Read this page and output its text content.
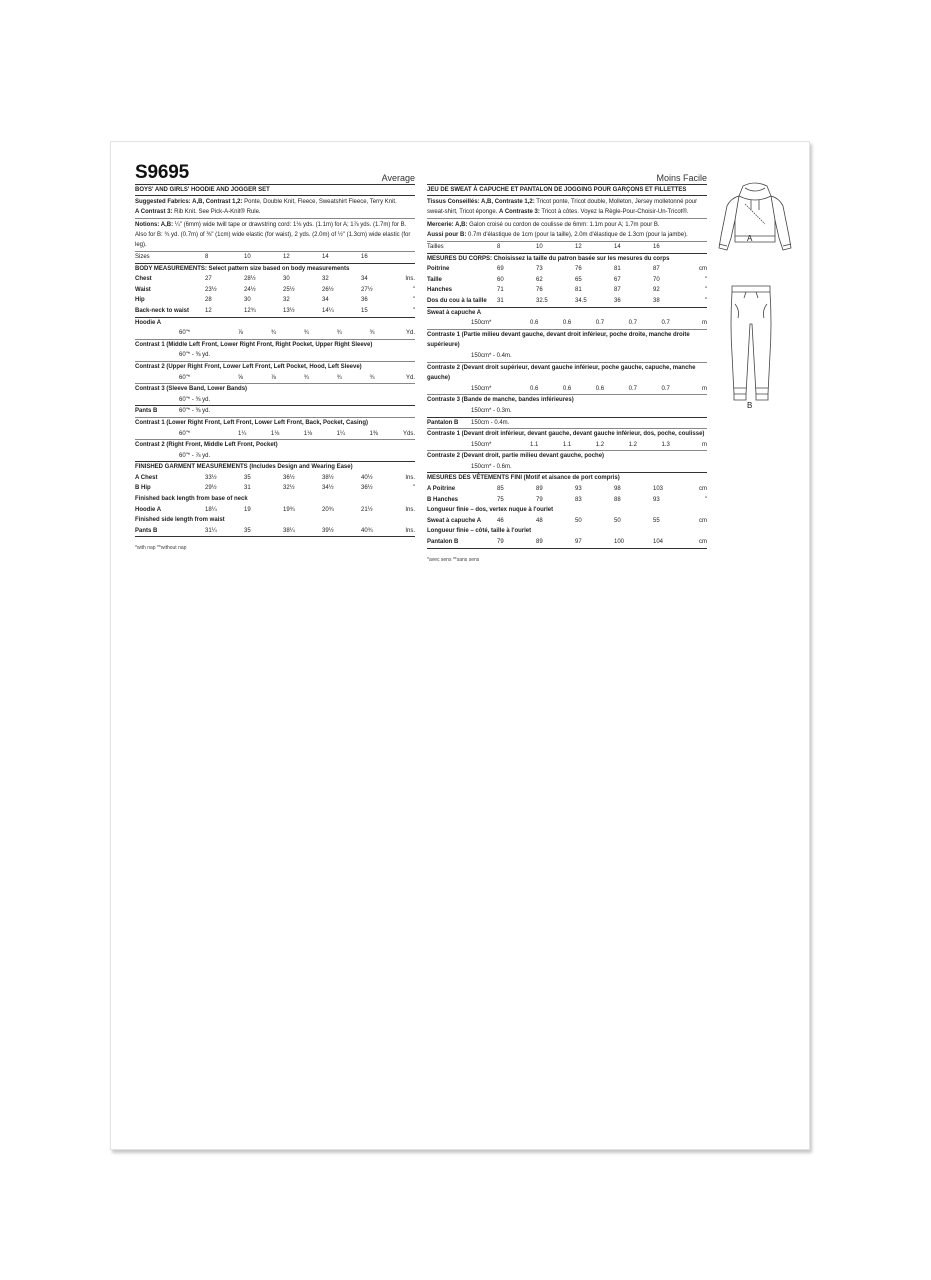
S9695	Average
BOYS' AND GIRLS' HOODIE AND JOGGER SET
Suggested Fabrics: A,B, Contrast 1,2: Ponte, Double Knit, Fleece, Sweatshirt Fleece, Terry Knit.
A Contrast 3: Rib Knit. See Pick-A-Knit® Rule.
Notions: A,B: ¼" (6mm) wide twill tape or drawstring cord: 1⅛ yds. (1.1m) for A; 1⅞ yds. (1.7m) for B. Also for B: ¾ yd. (0.7m) of ⅜" (1cm) wide elastic (for waist), 2 yds. (2.0m) of ½" (1.3cm) wide elastic (for leg).
Sizes	8	10	12	14	16
BODY MEASUREMENTS: Select pattern size based on body measurements
Chest	27	28½	30	32	34	Ins.
Waist	23½	24½	25½	26½	27½	"
Hip	28	30	32	34	36	"
Back-neck to waist	12	12¾	13½	14¼	15	"
Hoodie A
60"*	⅞	¾	¾	¾	¾	Yd.
Contrast 1 (Middle Left Front, Lower Right Front, Right Pocket, Upper Right Sleeve)
60"* - ⅜ yd.
Contrast 2 (Upper Right Front, Lower Left Front, Left Pocket, Hood, Left Sleeve)
60"*	⅝	⅞	¾	¾	¾	Yd.
Contrast 3 (Sleeve Band, Lower Bands)
60"* - ⅜ yd.
Pants B	60"* - ⅜ yd.
Contrast 1 (Lower Right Front, Left Front, Lower Left Front, Back, Pocket, Casing)
60"*	1¼	1⅛	1⅛	1¼	1⅜	Yds.
Contrast 2 (Right Front, Middle Left Front, Pocket)
60"* - ⅞ yd.
FINISHED GARMENT MEASUREMENTS (Includes Design and Wearing Ease)
A Chest	33½	35	36½	38½	40½	Ins.
B Hip	29½	31	32½	34½	36½	"
Finished back length from base of neck
Hoodie A	18¼	19	19¾	20¾	21½	Ins.
Finished side length from waist
Pants B	31¼	35	38¼	39½	40¾	Ins.
*with nap **without nap
Moins Facile
JEU DE SWEAT À CAPUCHE ET PANTALON DE JOGGING POUR GARÇONS ET FILLETTES
Tissus Conseillés: A,B, Contraste 1,2: Tricot ponte, Tricot double, Molleton, Jersey molletonné pour sweat-shirt, Tricot éponge. A Contraste 3: Tricot à côtes. Voyez la Règle-Pour-Choisir-Un-Tricot®.
Mercerie: A,B: Galon croisé ou cordon de coulisse de 6mm: 1.1m pour A; 1.7m pour B.
Aussi pour B: 0.7m d'élastique de 1cm (pour la taille), 2.0m d'élastique de 1.3cm (pour la jambe).
Tailles	8	10	12	14	16
MESURES DU CORPS: Choisissez la taille du patron basée sur les mesures du corps
Poitrine	69	73	76	81	87	cm
Taille	60	62	65	67	70	"
Hanches	71	76	81	87	92	"
Dos du cou à la taille	31	32.5	34.5	36	38	"
Sweat à capuche A
150cm*	0.6	0.6	0.7	0.7	0.7	m
Contraste 1 (Partie milieu devant gauche, devant droit inférieur, poche droite, manche droite supérieure)
150cm* - 0.4m.
Contraste 2 (Devant droit supérieur, devant gauche inférieur, poche gauche, capuche, manche gauche)
150cm*	0.6	0.6	0.6	0.7	0.7	m
Contraste 3 (Bande de manche, bandes inférieures)
150cm* - 0.3m.
Pantalon B	150cm - 0.4m.
Contraste 1 (Devant droit inférieur, devant gauche, devant gauche inférieur, dos, poche, coulisse)
150cm*	1.1	1.1	1.2	1.2	1.3	m
Contraste 2 (Devant droit, partie milieu devant gauche, poche)
150cm* - 0.6m.
MESURES DES VÊTEMENTS FINI (Motif et aisance de port compris)
A Poitrine	85	89	93	98	103	cm
B Hanches	75	79	83	88	93	"
Longueur finie – dos, vertex nuque à l'ourlet
Sweat à capuche A	46	48	50	50	55	cm
Longueur finie – côté, taille à l'ourlet
Pantalon B	79	89	97	100	104	cm
*avec sens **sans sens
A
B
